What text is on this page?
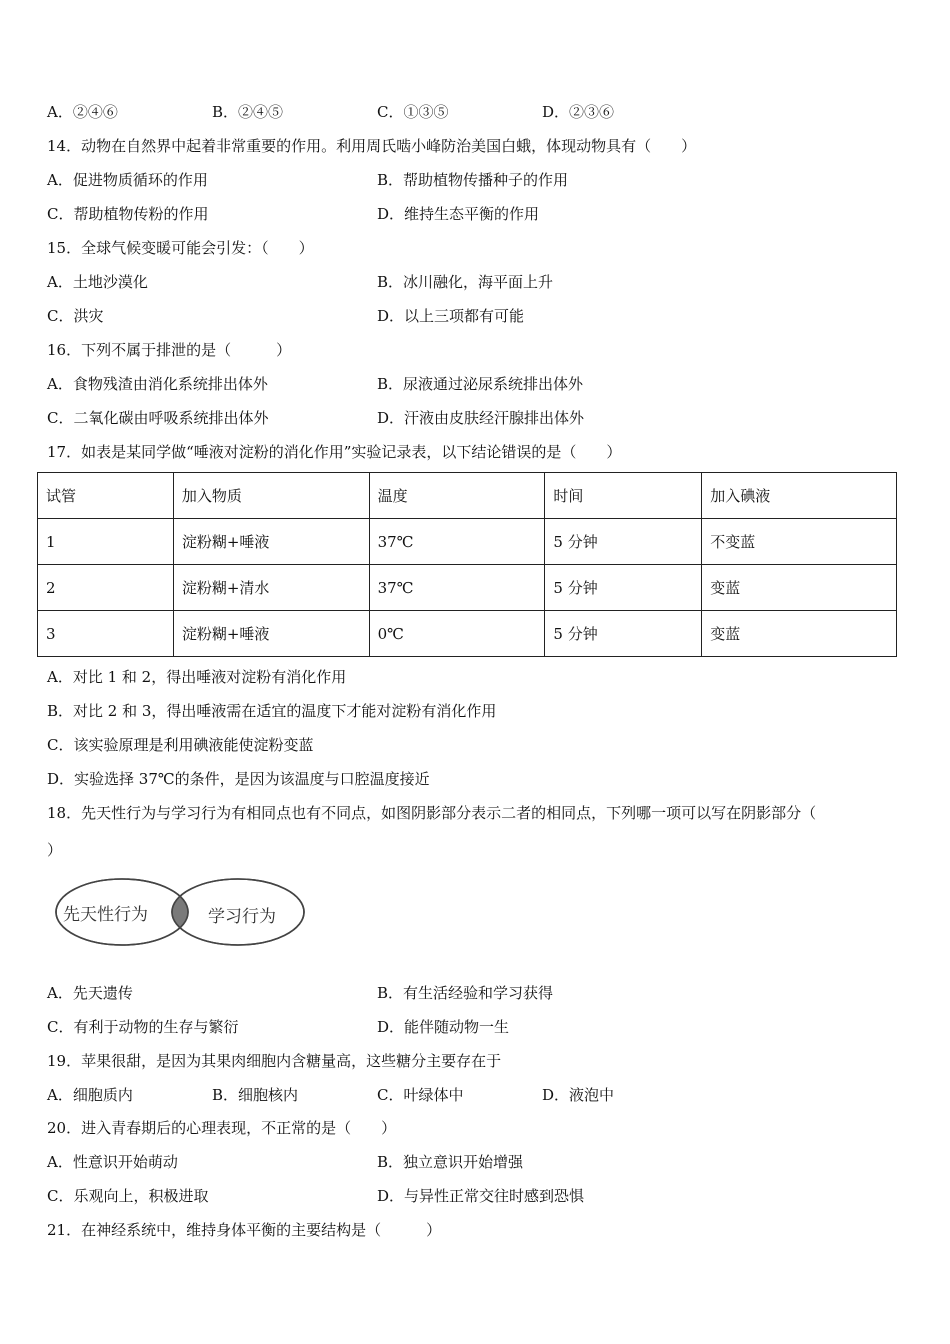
A．②④⑥	B．②④⑤	C．①③⑤	D．②③⑥
14．动物在自然界中起着非常重要的作用。利用周氏啮小峰防治美国白蛾，体现动物具有（　　）
A．促进物质循环的作用	B．帮助植物传播种子的作用
C．帮助植物传粉的作用	D．维持生态平衡的作用
15．全球气候变暖可能会引发：（　　）
A．土地沙漠化	B．冰川融化，海平面上升
C．洪灾	D．以上三项都有可能
16．下列不属于排泄的是（　　　）
A．食物残渣由消化系统排出体外	B．尿液通过泌尿系统排出体外
C．二氧化碳由呼吸系统排出体外	D．汗液由皮肤经汗腺排出体外
17．如表是某同学做“唾液对淀粉的消化作用”实验记录表，以下结论错误的是（　　）
试管	加入物质	温度	时间	加入碘液
1	淀粉糊+唾液	37℃	5 分钟	不变蓝
2	淀粉糊+清水	37℃	5 分钟	变蓝
3	淀粉糊+唾液	0℃	5 分钟	变蓝
A．对比 1 和 2，得出唾液对淀粉有消化作用
B．对比 2 和 3，得出唾液需在适宜的温度下才能对淀粉有消化作用
C．该实验原理是利用碘液能使淀粉变蓝
D．实验选择 37℃的条件，是因为该温度与口腔温度接近
18．先天性行为与学习行为有相同点也有不同点，如图阴影部分表示二者的相同点，下列哪一项可以写在阴影部分（
）
先天性行为	学习行为
A．先天遗传	B．有生活经验和学习获得
C．有利于动物的生存与繁衍	D．能伴随动物一生
19．苹果很甜，是因为其果肉细胞内含糖量高，这些糖分主要存在于
A．细胞质内	B．细胞核内	C．叶绿体中	D．液泡中
20．进入青春期后的心理表现，不正常的是（　　）
A．性意识开始萌动	B．独立意识开始增强
C．乐观向上，积极进取	D．与异性正常交往时感到恐惧
21．在神经系统中，维持身体平衡的主要结构是（　　　）
